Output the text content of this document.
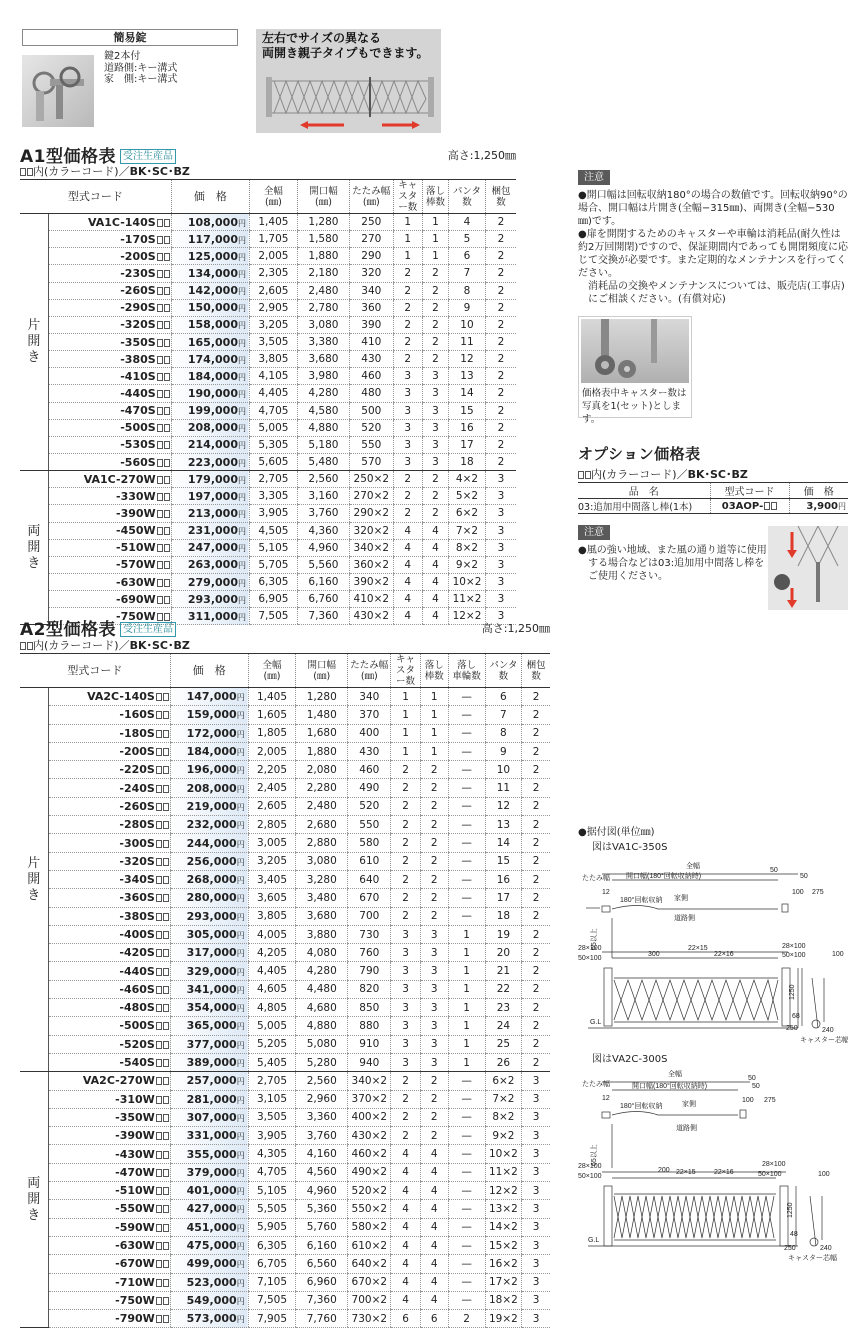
簡易錠
鍵2本付
道路側:キー溝式
家　側:キー溝式
左右でサイズの異なる
両開き親子タイプもできます。
A1型価格表 受注生産品	高さ:1,250㎜
内(カラーコード)／BK･SC･BZ
型式コード		価　格	全幅
(㎜)	開口幅
(㎜)	たたみ幅
(㎜)	キャスター数	落し
棒数	パンタ数	梱包
数
片
開
き	VA1C-140S	108,000円	1,405	1,280	250	1	1	4	2
	-170S	117,000円	1,705	1,580	270	1	1	5	2
	-200S	125,000円	2,005	1,880	290	1	1	6	2
	-230S	134,000円	2,305	2,180	320	2	2	7	2
	-260S	142,000円	2,605	2,480	340	2	2	8	2
	-290S	150,000円	2,905	2,780	360	2	2	9	2
	-320S	158,000円	3,205	3,080	390	2	2	10	2
	-350S	165,000円	3,505	3,380	410	2	2	11	2
	-380S	174,000円	3,805	3,680	430	2	2	12	2
	-410S	184,000円	4,105	3,980	460	3	3	13	2
	-440S	190,000円	4,405	4,280	480	3	3	14	2
	-470S	199,000円	4,705	4,580	500	3	3	15	2
	-500S	208,000円	5,005	4,880	520	3	3	16	2
	-530S	214,000円	5,305	5,180	550	3	3	17	2
	-560S	223,000円	5,605	5,480	570	3	3	18	2
両
開
き	VA1C-270W	179,000円	2,705	2,560	250×2	2	2	4×2	3
	-330W	197,000円	3,305	3,160	270×2	2	2	5×2	3
	-390W	213,000円	3,905	3,760	290×2	2	2	6×2	3
	-450W	231,000円	4,505	4,360	320×2	4	4	7×2	3
	-510W	247,000円	5,105	4,960	340×2	4	4	8×2	3
	-570W	263,000円	5,705	5,560	360×2	4	4	9×2	3
	-630W	279,000円	6,305	6,160	390×2	4	4	10×2	3
	-690W	293,000円	6,905	6,760	410×2	4	4	11×2	3
	-750W	311,000円	7,505	7,360	430×2	4	4	12×2	3
A2型価格表 受注生産品	高さ:1,250㎜
内(カラーコード)／BK･SC･BZ
型式コード		価　格	全幅
(㎜)	開口幅
(㎜)	たたみ幅
(㎜)	キャスター数	落し
棒数	落し
車輪数	パンタ数	梱包
数
片
開
き	VA2C-140S	147,000円	1,405	1,280	340	1	1	—	6	2
	-160S	159,000円	1,605	1,480	370	1	1	—	7	2
	-180S	172,000円	1,805	1,680	400	1	1	—	8	2
	-200S	184,000円	2,005	1,880	430	1	1	—	9	2
	-220S	196,000円	2,205	2,080	460	2	2	—	10	2
	-240S	208,000円	2,405	2,280	490	2	2	—	11	2
	-260S	219,000円	2,605	2,480	520	2	2	—	12	2
	-280S	232,000円	2,805	2,680	550	2	2	—	13	2
	-300S	244,000円	3,005	2,880	580	2	2	—	14	2
	-320S	256,000円	3,205	3,080	610	2	2	—	15	2
	-340S	268,000円	3,405	3,280	640	2	2	—	16	2
	-360S	280,000円	3,605	3,480	670	2	2	—	17	2
	-380S	293,000円	3,805	3,680	700	2	2	—	18	2
	-400S	305,000円	4,005	3,880	730	3	3	1	19	2
	-420S	317,000円	4,205	4,080	760	3	3	1	20	2
	-440S	329,000円	4,405	4,280	790	3	3	1	21	2
	-460S	341,000円	4,605	4,480	820	3	3	1	22	2
	-480S	354,000円	4,805	4,680	850	3	3	1	23	2
	-500S	365,000円	5,005	4,880	880	3	3	1	24	2
	-520S	377,000円	5,205	5,080	910	3	3	1	25	2
	-540S	389,000円	5,405	5,280	940	3	3	1	26	2
両
開
き	VA2C-270W	257,000円	2,705	2,560	340×2	2	2	—	6×2	3
	-310W	281,000円	3,105	2,960	370×2	2	2	—	7×2	3
	-350W	307,000円	3,505	3,360	400×2	2	2	—	8×2	3
	-390W	331,000円	3,905	3,760	430×2	2	2	—	9×2	3
	-430W	355,000円	4,305	4,160	460×2	4	4	—	10×2	3
	-470W	379,000円	4,705	4,560	490×2	4	4	—	11×2	3
	-510W	401,000円	5,105	4,960	520×2	4	4	—	12×2	3
	-550W	427,000円	5,505	5,360	550×2	4	4	—	13×2	3
	-590W	451,000円	5,905	5,760	580×2	4	4	—	14×2	3
	-630W	475,000円	6,305	6,160	610×2	4	4	—	15×2	3
	-670W	499,000円	6,705	6,560	640×2	4	4	—	16×2	3
	-710W	523,000円	7,105	6,960	670×2	4	4	—	17×2	3
	-750W	549,000円	7,505	7,360	700×2	4	4	—	18×2	3
	-790W	573,000円	7,905	7,760	730×2	6	6	2	19×2	3
注意
●開口幅は回転収納180°の場合の数値です。回転収納90°の場合、開口幅は片開き(全幅−315㎜)、両開き(全幅−530㎜)です。
●扉を開閉するためのキャスターや車輪は消耗品(耐久性は約2万回開閉)ですので、保証期間内であっても開閉頻度に応じて交換が必要です。また定期的なメンテナンスを行ってください。
消耗品の交換やメンテナンスについては、販売店(工事店)にご相談ください。(有償対応)
価格表中キャスター数は
写真を1(セット)とします。
オプション価格表
内(カラーコード)／BK･SC･BZ
品　名	型式コード	価　格
03:追加用中間落し棒(1本)	03AOP-	3,900円
注意
●風の強い地域、また風の通り道等に使用する場合などは03:追加用中間落し棒をご使用ください。
●据付図(単位㎜)
図はVA1C-350S
全幅
たたみ幅 開口幅(180°回転収納時)	50
12
180°回転収納 家側
道路側
28×100
50×100
300
22×15
22×16
28×100
50×100	100
1250
68
250	240
G.L
キャスター芯幅
65以上
100 275
50
図はVA2C-300S
全幅
たたみ幅	開口幅(180°回転収納時)	50
12
180°回転収納	家側
道路側
28×100
50×100
200 22×15	22×16
28×100
50×100	100
1250
48
250	240
G.L
キャスター芯幅
65以上
100 275
50
